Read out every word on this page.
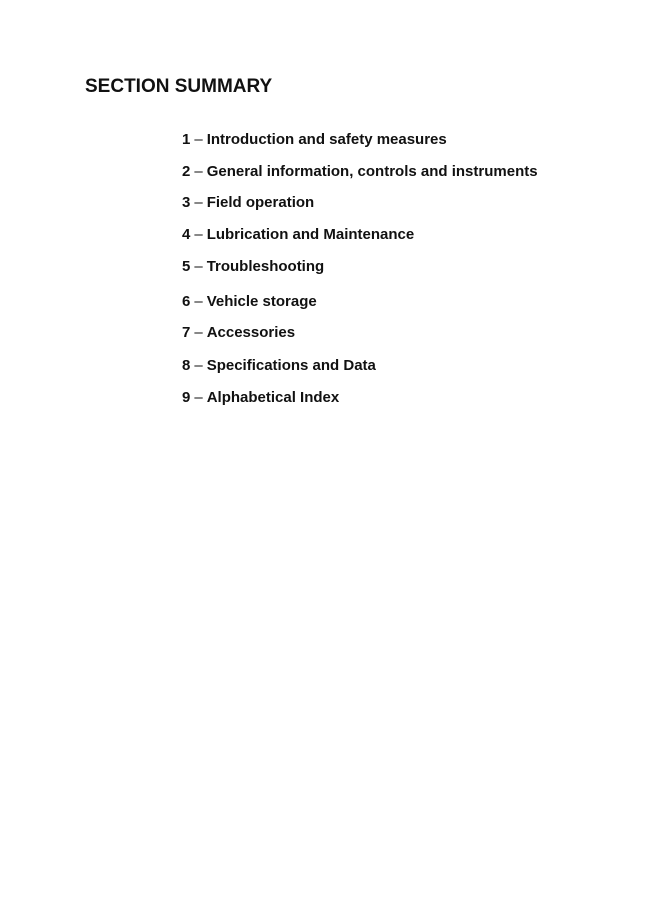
SECTION SUMMARY
1 – Introduction and safety measures
2 – General information, controls and instruments
3 – Field operation
4 – Lubrication and Maintenance
5 – Troubleshooting
6 – Vehicle storage
7 – Accessories
8 – Specifications and Data
9 – Alphabetical Index
